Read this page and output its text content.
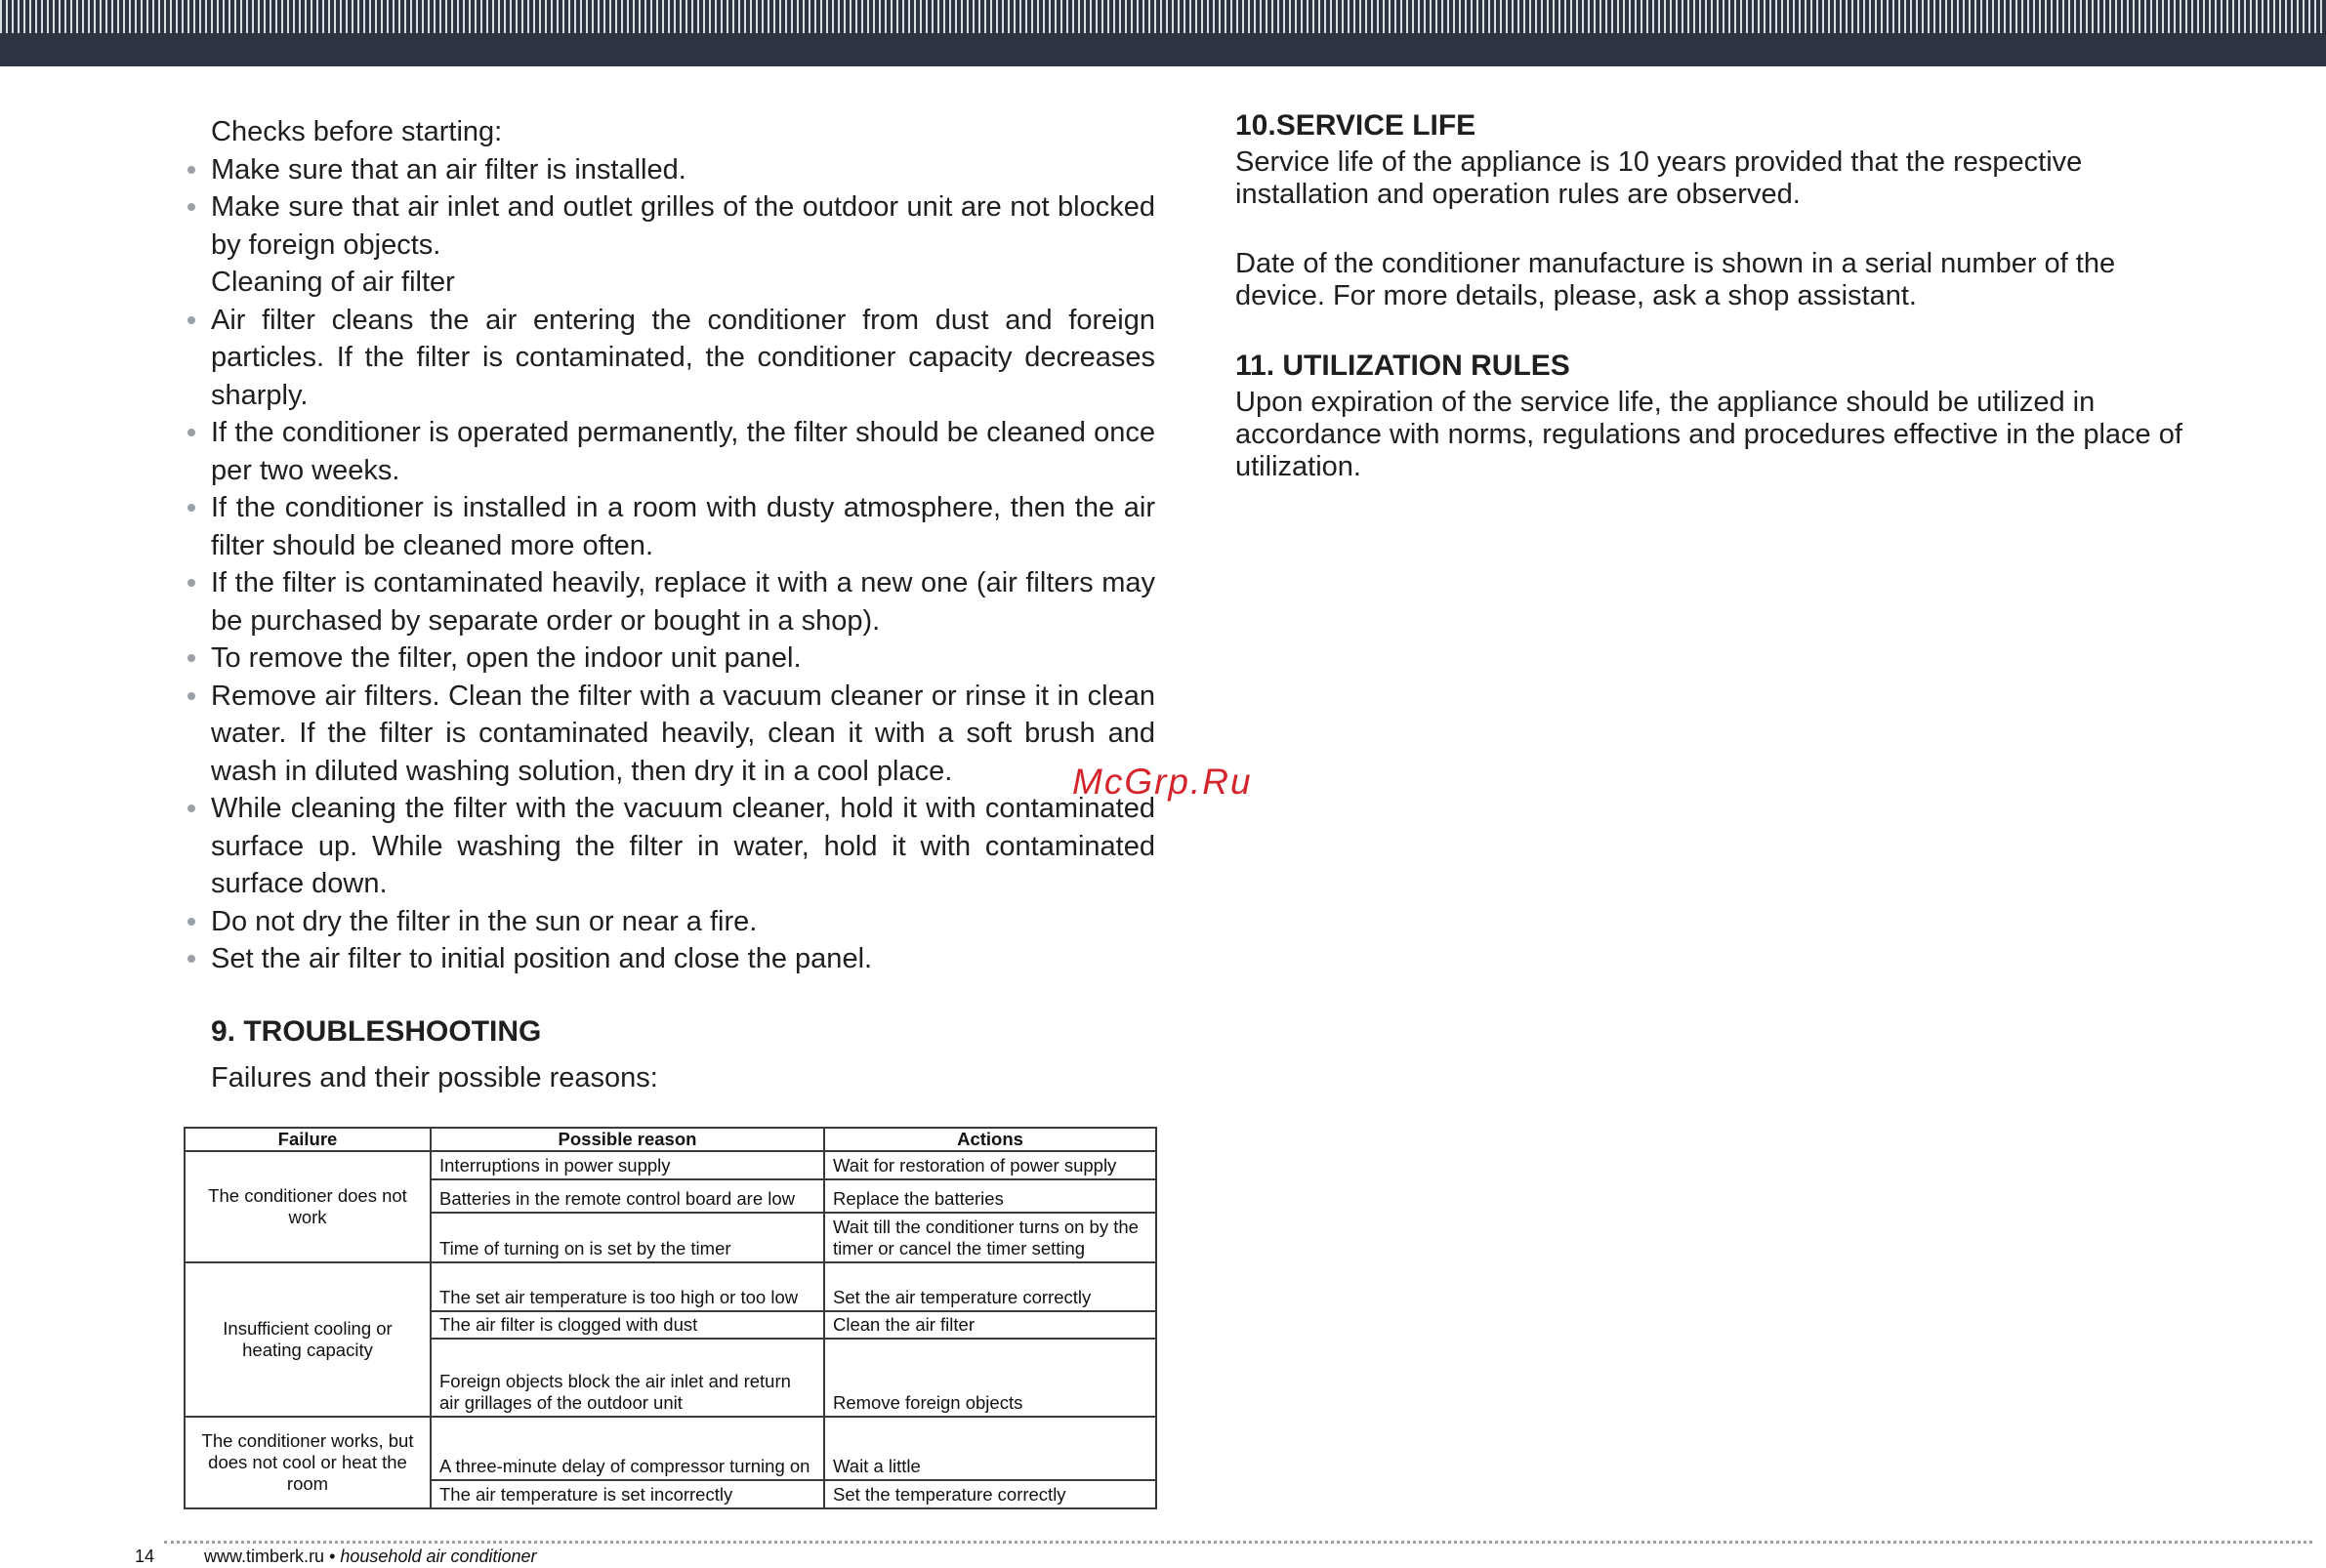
Checks before starting:

Make sure that an air filter is installed.
Make sure that air inlet and outlet grilles of the outdoor unit are not blocked by foreign objects.

Cleaning of air filter

Air filter cleans the air entering the conditioner from dust and foreign particles. If the filter is contaminated, the conditioner capacity decreases sharply.
If the conditioner is operated permanently, the filter should be cleaned once per two weeks.
If the conditioner is installed in a room with dusty atmosphere, then the air filter should be cleaned more often.
If the filter is contaminated heavily, replace it with a new one (air filters may be purchased by separate order or bought in a shop).
To remove the filter, open the indoor unit panel.
Remove air filters. Clean the filter with a vacuum cleaner or rinse it in clean water. If the filter is contaminated heavily, clean it with a soft brush and wash in diluted washing solution, then dry it in a cool place.
While cleaning the filter with the vacuum cleaner, hold it with contaminated surface up. While washing the filter in water, hold it with contaminated surface down.
Do not dry the filter in the sun or near a fire.
Set the air filter to initial position and close the panel.

9. TROUBLESHOOTING

Failures and their possible reasons:

Failure	Possible reason	Actions
The conditioner does not work	Interruptions in power supply	Wait for restoration of power supply
	Batteries in the remote control board are low	Replace the batteries
	Time of turning on is set by the timer	Wait till the conditioner turns on by the timer or cancel the timer setting
Insufficient cooling or heating capacity	The set air temperature is too high or too low	Set the air temperature correctly
	The air filter is clogged with dust	Clean the air filter
	Foreign objects block the air inlet and return air grillages of the outdoor unit	Remove foreign objects
The conditioner works, but does not cool or heat the room	A three-minute delay of compressor turning on	Wait a little
	The air temperature is set incorrectly	Set the temperature correctly

10.SERVICE LIFE

Service life of the appliance is 10 years provided that the respective installation and operation rules are observed.

Date of the conditioner manufacture is shown in a serial number of the device. For more details, please, ask a shop assistant.

11. UTILIZATION RULES

Upon expiration of the service life, the appliance should be utilized in accordance with norms, regulations and procedures effective in the place of utilization.

McGrp.Ru
14	www.timberk.ru • household air conditioner
